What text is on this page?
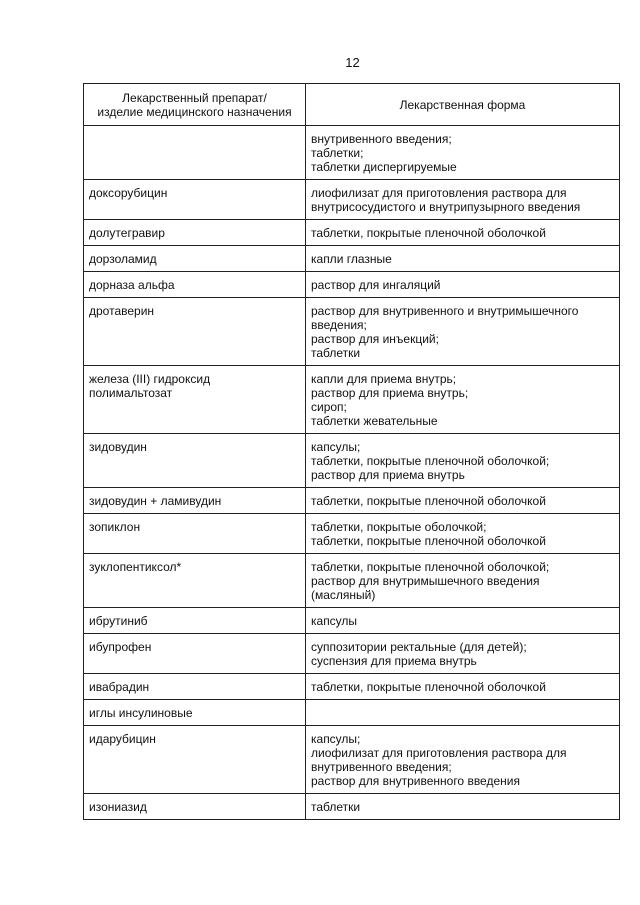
12
Лекарственный препарат/
изделие медицинского назначения	Лекарственная форма

	внутривенного введения;
таблетки;
таблетки диспергируемые

доксорубицин	лиофилизат для приготовления раствора для
внутрисосудистого и внутрипузырного введения

долутегравир	таблетки, покрытые пленочной оболочкой

дорзоламид	капли глазные

дорназа альфа	раствор для ингаляций

дротаверин	раствор для внутривенного и внутримышечного
введения;
раствор для инъекций;
таблетки

железа (III) гидроксид
полимальтозат	капли для приема внутрь;
раствор для приема внутрь;
сироп;
таблетки жевательные

зидовудин	капсулы;
таблетки, покрытые пленочной оболочкой;
раствор для приема внутрь

зидовудин + ламивудин	таблетки, покрытые пленочной оболочкой

зопиклон	таблетки, покрытые оболочкой;
таблетки, покрытые пленочной оболочкой

зуклопентиксол*	таблетки, покрытые пленочной оболочкой;
раствор для внутримышечного введения
(масляный)

ибрутиниб	капсулы

ибупрофен	суппозитории ректальные (для детей);
суспензия для приема внутрь

ивабрадин	таблетки, покрытые пленочной оболочкой

иглы инсулиновые	

идарубицин	капсулы;
лиофилизат для приготовления раствора для
внутривенного введения;
раствор для внутривенного введения

изониазид	таблетки
